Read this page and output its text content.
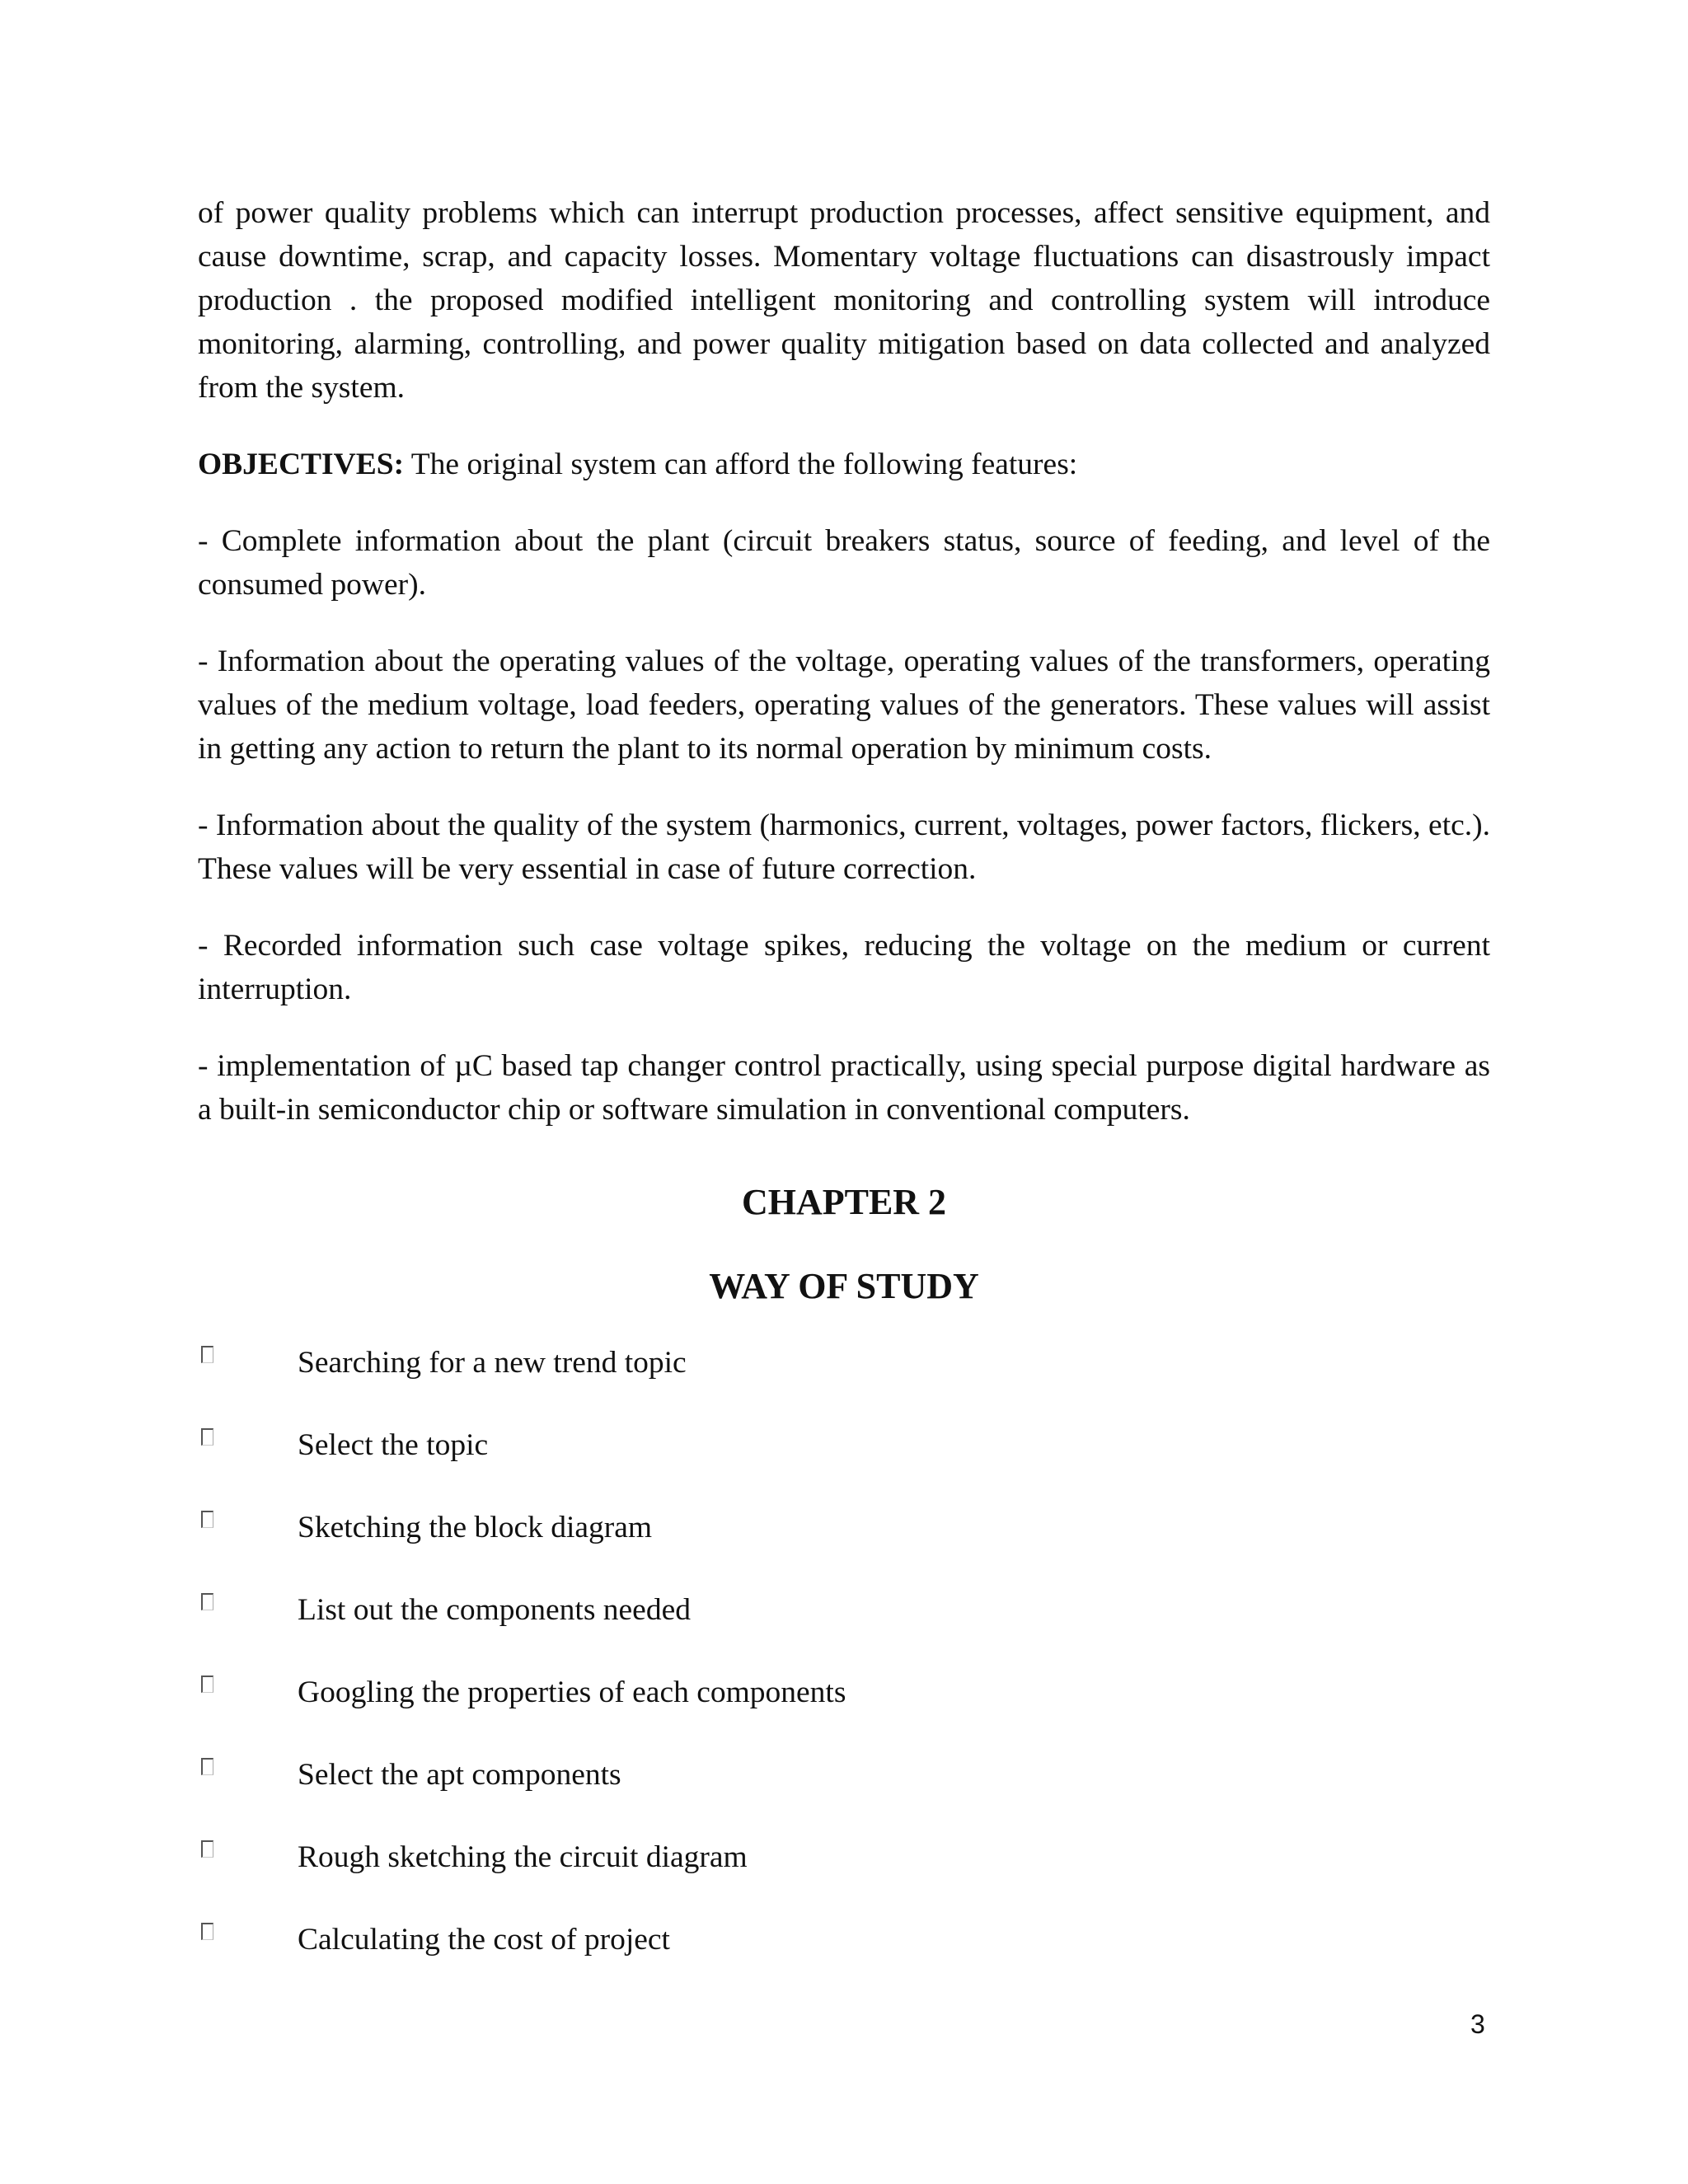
of power quality problems which can interrupt production processes, affect sensitive equipment, and cause downtime, scrap, and capacity losses. Momentary voltage fluctuations can disastrously impact production . the proposed modified intelligent monitoring and controlling system will introduce monitoring, alarming, controlling, and power quality mitigation based on data collected and analyzed from the system.

OBJECTIVES: The original system can afford the following features:

- Complete information about the plant (circuit breakers status, source of feeding, and level of the consumed power).

- Information about the operating values of the voltage, operating values of the transformers, operating values of the medium voltage, load feeders, operating values of the generators. These values will assist in getting any action to return the plant to its normal operation by minimum costs.

- Information about the quality of the system (harmonics, current, voltages, power factors, flickers, etc.). These values will be very essential in case of future correction.

- Recorded information such case voltage spikes, reducing the voltage on the medium or current interruption.

- implementation of µC based tap changer control practically, using special purpose digital hardware as a built-in semiconductor chip or software simulation in conventional computers.

CHAPTER 2
WAY OF STUDY
Searching for a new trend topic
Select the topic
Sketching the block diagram
List out the components needed
Googling the properties of each components
Select the apt components
Rough sketching the circuit diagram
Calculating the cost of project
3
